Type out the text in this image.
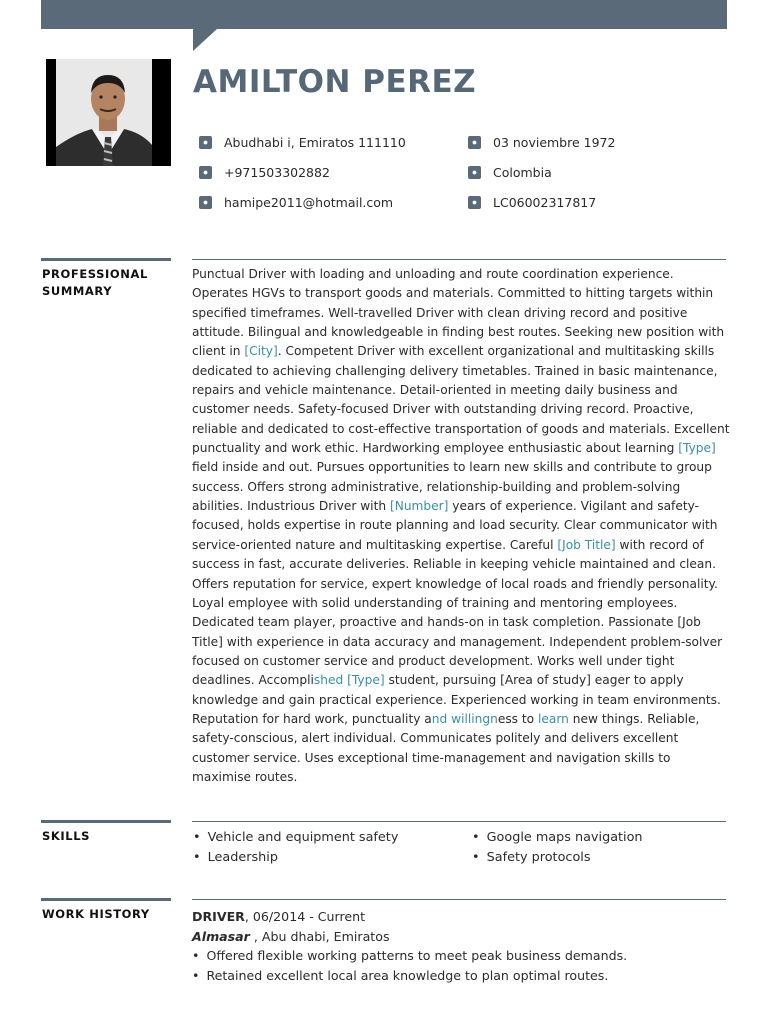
AMILTON PEREZ
Abudhabi i, Emiratos 111110
+971503302882
hamipe2011@hotmail.com
03 noviembre 1972
Colombia
LC06002317817
PROFESSIONAL SUMMARY
Punctual Driver with loading and unloading and route coordination experience. Operates HGVs to transport goods and materials. Committed to hitting targets within specified timeframes. Well-travelled Driver with clean driving record and positive attitude. Bilingual and knowledgeable in finding best routes. Seeking new position with client in [City]. Competent Driver with excellent organizational and multitasking skills dedicated to achieving challenging delivery timetables. Trained in basic maintenance, repairs and vehicle maintenance. Detail-oriented in meeting daily business and customer needs. Safety-focused Driver with outstanding driving record. Proactive, reliable and dedicated to cost-effective transportation of goods and materials. Excellent punctuality and work ethic. Hardworking employee enthusiastic about learning [Type] field inside and out. Pursues opportunities to learn new skills and contribute to group success. Offers strong administrative, relationship-building and problem-solving abilities. Industrious Driver with [Number] years of experience. Vigilant and safety-focused, holds expertise in route planning and load security. Clear communicator with service-oriented nature and multitasking expertise. Careful [Job Title] with record of success in fast, accurate deliveries. Reliable in keeping vehicle maintained and clean. Offers reputation for service, expert knowledge of local roads and friendly personality. Loyal employee with solid understanding of training and mentoring employees. Dedicated team player, proactive and hands-on in task completion. Passionate [Job Title] with experience in data accuracy and management. Independent problem-solver focused on customer service and product development. Works well under tight deadlines. Accomplished [Type] student, pursuing [Area of study] eager to apply knowledge and gain practical experience. Experienced working in team environments. Reputation for hard work, punctuality and willingness to learn new things. Reliable, safety-conscious, alert individual. Communicates politely and delivers excellent customer service. Uses exceptional time-management and navigation skills to maximise routes.
SKILLS
•	Vehicle and equipment safety
• Leadership
• Google maps navigation
• Safety protocols
WORK HISTORY	DRIVER, 06/2014 - Current
Almasar , Abu dhabi, Emiratos
• Offered flexible working patterns to meet peak business demands.
• Retained excellent local area knowledge to plan optimal routes.
